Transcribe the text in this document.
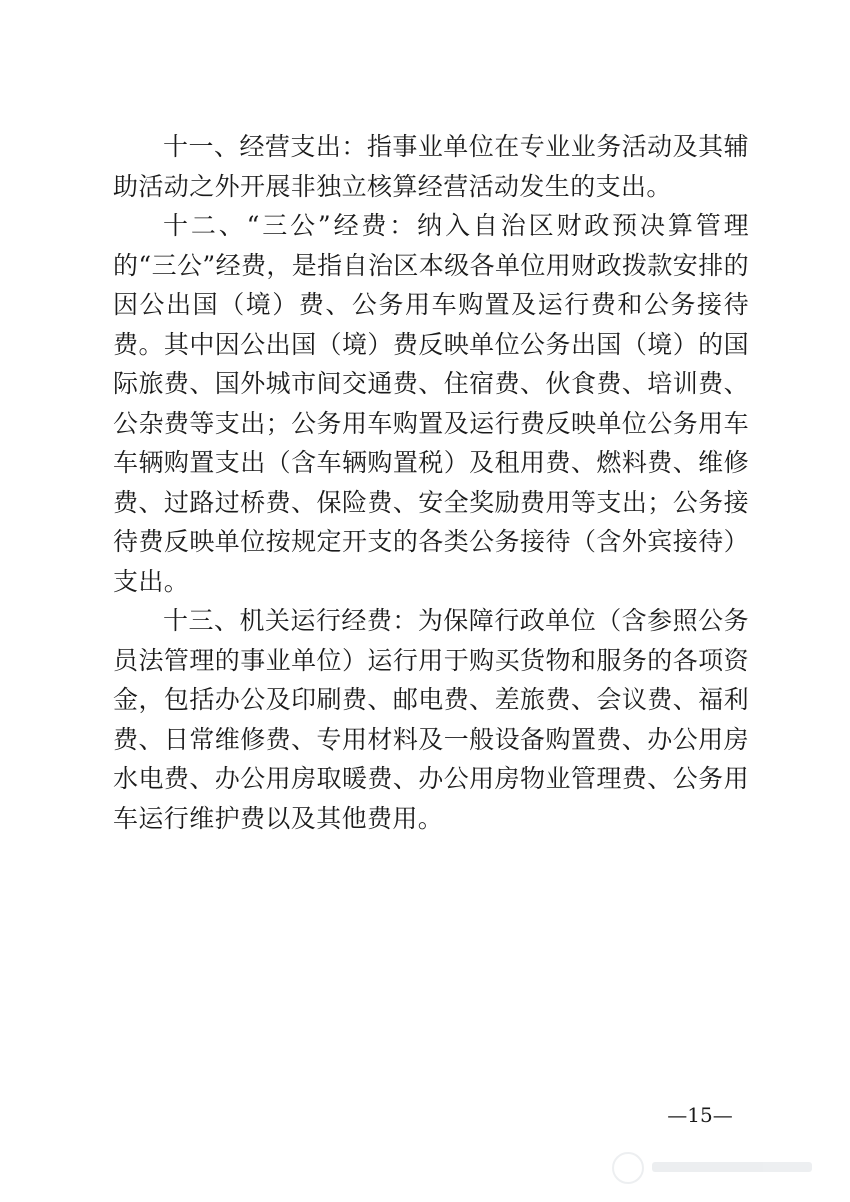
十一、经营支出：指事业单位在专业业务活动及其辅助活动之外开展非独立核算经营活动发生的支出。

十二、“三公”经费：纳入自治区财政预决算管理的“三公”经费，是指自治区本级各单位用财政拨款安排的因公出国（境）费、公务用车购置及运行费和公务接待费。其中因公出国（境）费反映单位公务出国（境）的国际旅费、国外城市间交通费、住宿费、伙食费、培训费、公杂费等支出；公务用车购置及运行费反映单位公务用车车辆购置支出（含车辆购置税）及租用费、燃料费、维修费、过路过桥费、保险费、安全奖励费用等支出；公务接待费反映单位按规定开支的各类公务接待（含外宾接待）支出。

十三、机关运行经费：为保障行政单位（含参照公务员法管理的事业单位）运行用于购买货物和服务的各项资金，包括办公及印刷费、邮电费、差旅费、会议费、福利费、日常维修费、专用材料及一般设备购置费、办公用房水电费、办公用房取暖费、办公用房物业管理费、公务用车运行维护费以及其他费用。

—15—
